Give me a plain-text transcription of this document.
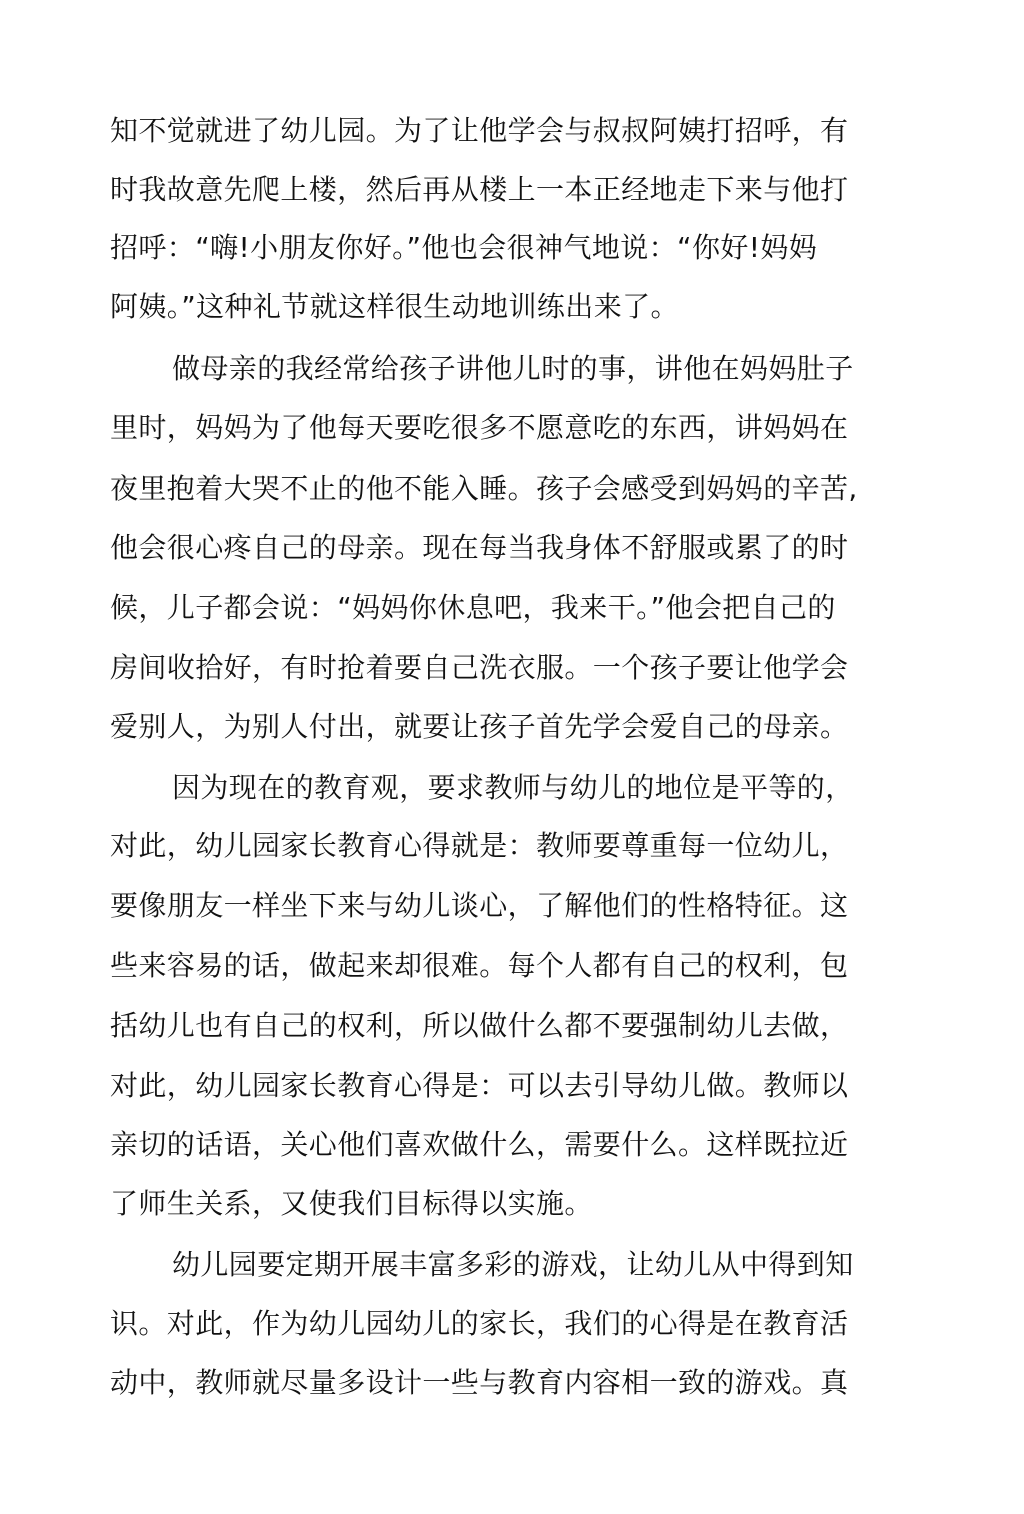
知不觉就进了幼儿园。为了让他学会与叔叔阿姨打招呼，有
时我故意先爬上楼，然后再从楼上一本正经地走下来与他打
招呼：“嗨!小朋友你好。”他也会很神气地说：“你好!妈妈
阿姨。”这种礼节就这样很生动地训练出来了。
做母亲的我经常给孩子讲他儿时的事，讲他在妈妈肚子
里时，妈妈为了他每天要吃很多不愿意吃的东西，讲妈妈在
夜里抱着大哭不止的他不能入睡。孩子会感受到妈妈的辛苦,
他会很心疼自己的母亲。现在每当我身体不舒服或累了的时
候，儿子都会说：“妈妈你休息吧，我来干。”他会把自己的
房间收拾好，有时抢着要自己洗衣服。一个孩子要让他学会
爱别人，为别人付出，就要让孩子首先学会爱自己的母亲。
因为现在的教育观，要求教师与幼儿的地位是平等的，
对此，幼儿园家长教育心得就是：教师要尊重每一位幼儿，
要像朋友一样坐下来与幼儿谈心，了解他们的性格特征。这
些来容易的话，做起来却很难。每个人都有自己的权利，包
括幼儿也有自己的权利，所以做什么都不要强制幼儿去做，
对此，幼儿园家长教育心得是：可以去引导幼儿做。教师以
亲切的话语，关心他们喜欢做什么，需要什么。这样既拉近
了师生关系，又使我们目标得以实施。
幼儿园要定期开展丰富多彩的游戏，让幼儿从中得到知
识。对此，作为幼儿园幼儿的家长，我们的心得是在教育活
动中，教师就尽量多设计一些与教育内容相一致的游戏。真
